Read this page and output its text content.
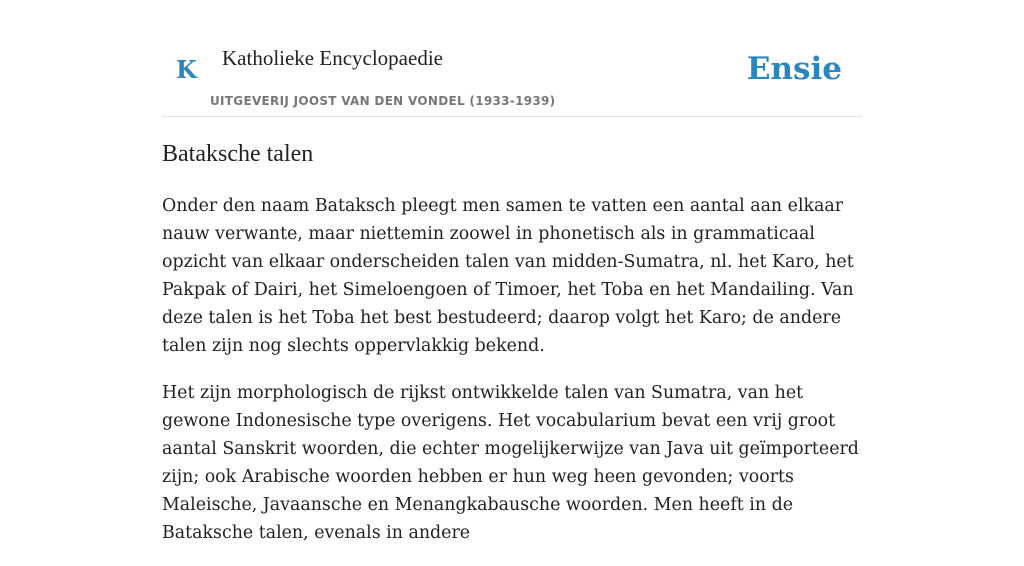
K Katholieke Encyclopaedie
UITGEVERIJ JOOST VAN DEN VONDEL (1933-1939)
Ensie
Bataksche talen

Onder den naam Bataksch pleegt men samen te vatten een aantal aan elkaar nauw verwante, maar niettemin zoowel in phonetisch als in grammaticaal opzicht van elkaar onderscheiden talen van midden-Sumatra, nl. het Karo, het Pakpak of Dairi, het Simeloengoen of Timoer, het Toba en het Mandailing. Van deze talen is het Toba het best bestudeerd; daarop volgt het Karo; de andere talen zijn nog slechts oppervlakkig bekend.

Het zijn morphologisch de rijkst ontwikkelde talen van Sumatra, van het gewone Indonesische type overigens. Het vocabularium bevat een vrij groot aantal Sanskrit woorden, die echter mogelijkerwijze van Java uit geïmporteerd zijn; ook Arabische woorden hebben er hun weg heen gevonden; voorts Maleische, Javaansche en Menangkabausche woorden. Men heeft in de Bataksche talen, evenals in andere
